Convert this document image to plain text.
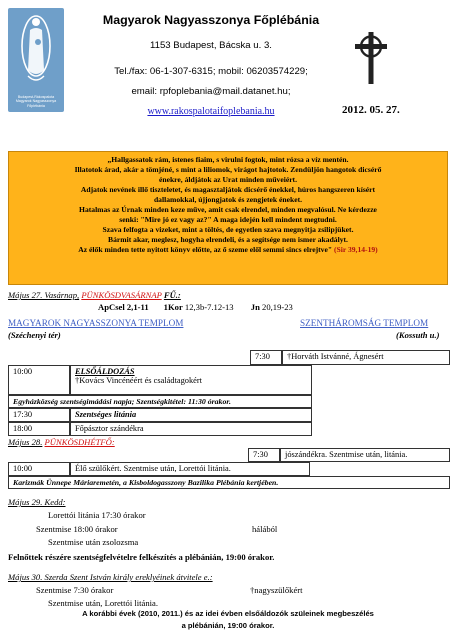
Budapest-Rákospalota
Magyarok Nagyasszonya
Főplébánia
Magyarok Nagyasszonya Főplébánia
1153 Budapest, Bácska u. 3.
Tel./fax: 06-1-307-6315; mobil: 06203574229;
email: rpfoplebania@mail.datanet.hu;
www.rakospalotaifoplebania.hu	2012. 05. 27.
„Hallgassatok rám, istenes fiaim, s virulni fogtok, mint rózsa a víz mentén.
Illatotok árad, akár a tömjéné, s mint a liliomok, virágot hajtotok. Zendüljön hangotok dicsérő
énekre, áldjátok az Urat minden műveiért.
Adjatok nevének illő tiszteletet, és magasztaljátok dicsérő énekkel, húros hangszeren kísért
dallamokkal, újjongjatok és zengjetek éneket.
Hatalmas az Úrnak minden keze műve, amit csak elrendel, minden megvalósul. Ne kérdezze
senki: "Mire jó ez vagy az?" A maga idején kell mindent megtudni.
Szava felfogta a vizeket, mint a töltés, de egyetlen szava megnyitja zsilipjüket.
Bármit akar, meglesz, hogyha elrendeli, és a segítsége nem ismer akadályt.
Az élők minden tette nyitott könyv előtte, az ő szeme elől semmi sincs elrejtve" (Sir 39,14-19)
Május 27. Vasárnap, PÜNKÖSDVASÁRNAP FŰ.:
ApCsel 2,1-11 1Kor 12,3b-7.12-13 Jn 20,19-23
MAGYAROK NAGYASSZONYA TEMPLOM
(Széchenyi tér)
SZENTHÁROMSÁG TEMPLOM
(Kossuth u.)
7:30	†Horváth Istvánné, Ágnesért
10:00	ELSŐÁLDOZÁS
†Kovács Vincénéért és családtagokért
Egyházközség szentségimádási napja; Szentségkitétel: 11:30 órakor.
17:30	Szentséges litánia
18:00	Főpásztor szándékra
Május 28. PÜNKÖSDHÉTFŐ:
7:30	jószándékra. Szentmise után, litánia.
10:00	Élő szülőkért. Szentmise után, Lorettói litánia.
Karizmák Ünnepe Máriaremetén, a Kisboldogasszony Bazilika Plébánia kertjében.
Május 29. Kedd:
Lorettói litánia 17:30 órakor
Szentmise 18:00 órakor	hálából
Szentmise után zsolozsma
Felnőttek részére szentségfelvételre felkészítés a plébánián, 19:00 órakor.
Május 30. Szerda Szent István király ereklyéinek átvitele e.:
Szentmise 7:30 órakor	†nagyszülőkért
Szentmise után, Lorettói litánia.
A korábbi évek (2010, 2011.) és az idei évben elsőáldozók szüleinek megbeszélés
a plébánián, 19:00 órakor.
